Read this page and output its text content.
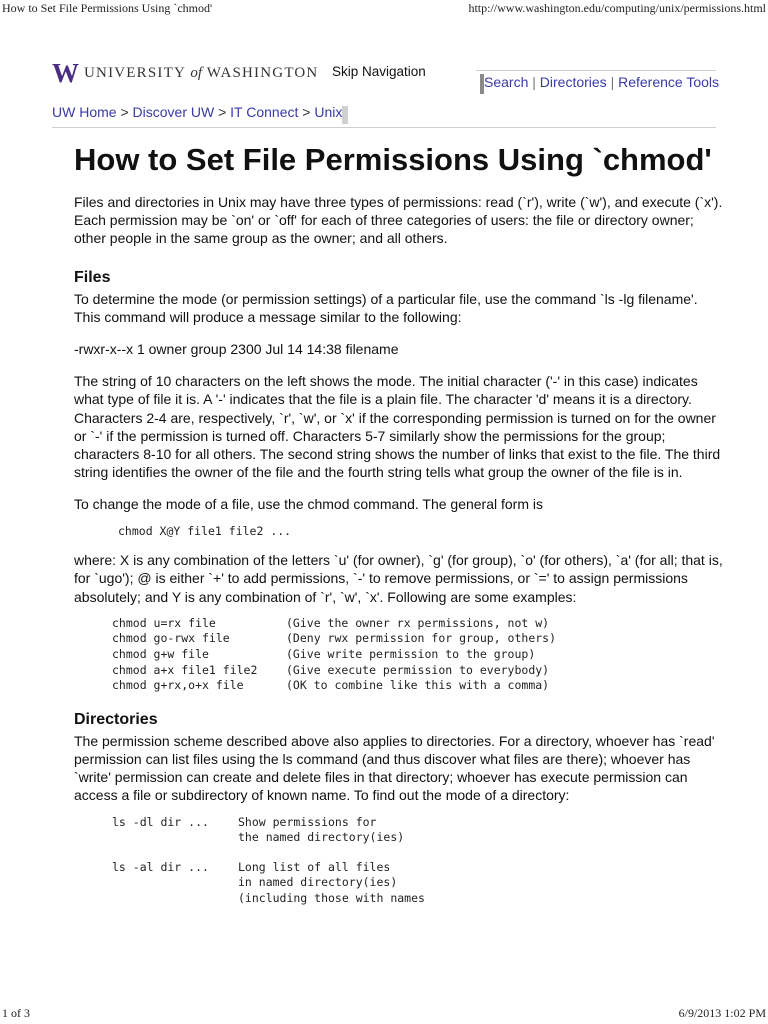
How to Set File Permissions Using `chmod'	http://www.washington.edu/computing/unix/permissions.html
W UNIVERSITY of WASHINGTON Skip Navigation
Search | Directories | Reference Tools
UW Home > Discover UW > IT Connect > Unix
How to Set File Permissions Using `chmod'

Files and directories in Unix may have three types of permissions: read (`r'), write (`w'), and execute (`x'). Each permission may be `on' or `off' for each of three categories of users: the file or directory owner; other people in the same group as the owner; and all others.

Files

To determine the mode (or permission settings) of a particular file, use the command `ls -lg filename'. This command will produce a message similar to the following:

-rwxr-x--x 1 owner group 2300 Jul 14 14:38 filename

The string of 10 characters on the left shows the mode. The initial character ('-' in this case) indicates what type of file it is. A '-' indicates that the file is a plain file. The character 'd' means it is a directory. Characters 2-4 are, respectively, `r', `w', or `x' if the corresponding permission is turned on for the owner or `-' if the permission is turned off. Characters 5-7 similarly show the permissions for the group; characters 8-10 for all others. The second string shows the number of links that exist to the file. The third string identifies the owner of the file and the fourth string tells what group the owner of the file is in.

To change the mode of a file, use the chmod command. The general form is

chmod X@Y file1 file2 ...

where: X is any combination of the letters `u' (for owner), `g' (for group), `o' (for others), `a' (for all; that is, for `ugo'); @ is either `+' to add permissions, `-' to remove permissions, or `=' to assign permissions absolutely; and Y is any combination of `r', `w', `x'. Following are some examples:

chmod u=rx file	(Give the owner rx permissions, not w)
chmod go-rwx file	(Deny rwx permission for group, others)
chmod g+w file	(Give write permission to the group)
chmod a+x file1 file2	(Give execute permission to everybody)
chmod g+rx,o+x file	(OK to combine like this with a comma)
Directories

The permission scheme described above also applies to directories. For a directory, whoever has `read' permission can list files using the ls command (and thus discover what files are there); whoever has `write' permission can create and delete files in that directory; whoever has execute permission can access a file or subdirectory of known name. To find out the mode of a directory:

ls -dl dir ...	Show permissions for
the named directory(ies)
ls -al dir ...	Long list of all files
in named directory(ies)
(including those with names
1 of 3	6/9/2013 1:02 PM
